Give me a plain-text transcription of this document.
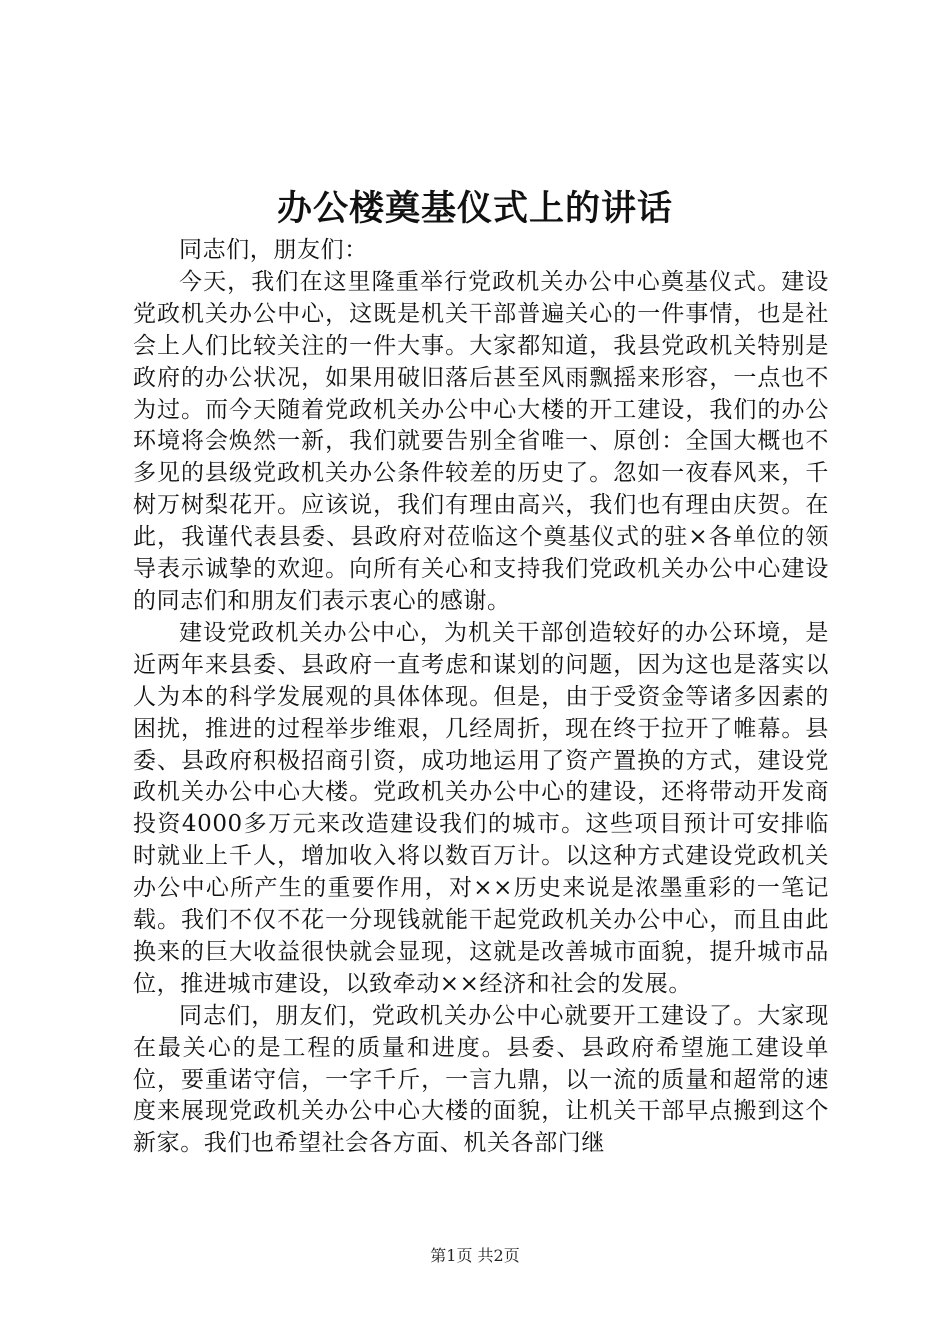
办公楼奠基仪式上的讲话

同志们，朋友们：

今天，我们在这里隆重举行党政机关办公中心奠基仪式。建设党政机关办公中心，这既是机关干部普遍关心的一件事情，也是社会上人们比较关注的一件大事。大家都知道，我县党政机关特别是政府的办公状况，如果用破旧落后甚至风雨飘摇来形容，一点也不为过。而今天随着党政机关办公中心大楼的开工建设，我们的办公环境将会焕然一新，我们就要告别全省唯一、原创：全国大概也不多见的县级党政机关办公条件较差的历史了。忽如一夜春风来，千树万树梨花开。应该说，我们有理由高兴，我们也有理由庆贺。在此，我谨代表县委、县政府对莅临这个奠基仪式的驻×各单位的领导表示诚挚的欢迎。向所有关心和支持我们党政机关办公中心建设的同志们和朋友们表示衷心的感谢。

建设党政机关办公中心，为机关干部创造较好的办公环境，是近两年来县委、县政府一直考虑和谋划的问题，因为这也是落实以人为本的科学发展观的具体体现。但是，由于受资金等诸多因素的困扰，推进的过程举步维艰，几经周折，现在终于拉开了帷幕。县委、县政府积极招商引资，成功地运用了资产置换的方式，建设党政机关办公中心大楼。党政机关办公中心的建设，还将带动开发商投资4000多万元来改造建设我们的城市。这些项目预计可安排临时就业上千人，增加收入将以数百万计。以这种方式建设党政机关办公中心所产生的重要作用，对××历史来说是浓墨重彩的一笔记载。我们不仅不花一分现钱就能干起党政机关办公中心，而且由此换来的巨大收益很快就会显现，这就是改善城市面貌，提升城市品位，推进城市建设，以致牵动××经济和社会的发展。

同志们，朋友们，党政机关办公中心就要开工建设了。大家现在最关心的是工程的质量和进度。县委、县政府希望施工建设单位，要重诺守信，一字千斤，一言九鼎，以一流的质量和超常的速度来展现党政机关办公中心大楼的面貌，让机关干部早点搬到这个新家。我们也希望社会各方面、机关各部门继

第1页 共2页
